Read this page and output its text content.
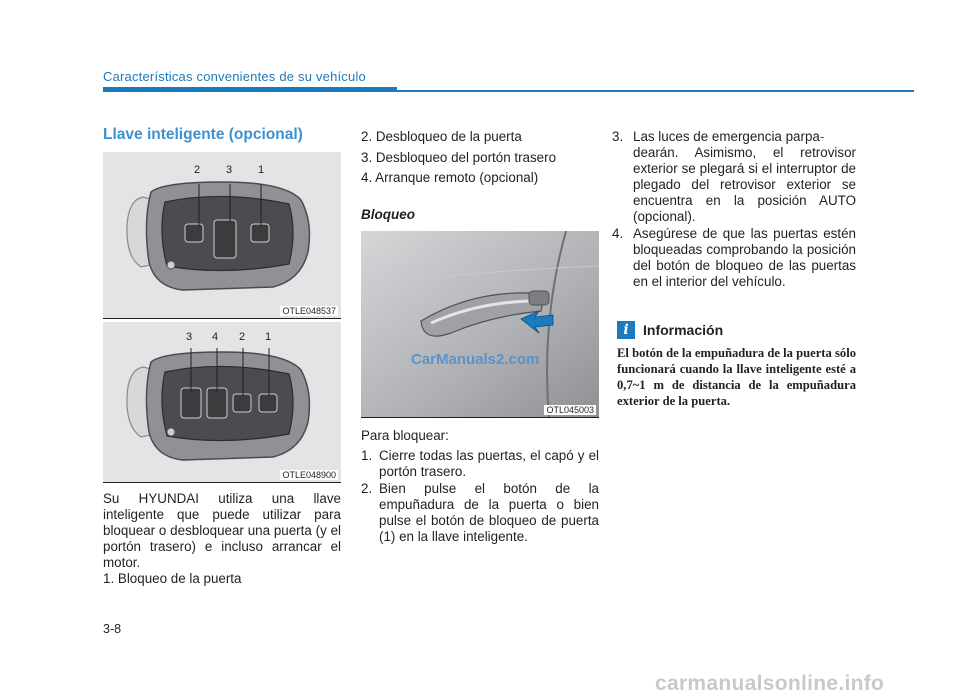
Características convenientes de su vehículo
Llave inteligente (opcional)
2 3 1
OTLE048537
3 4 2 1
OTLE048900

Su HYUNDAI utiliza una llave inteligente que puede utilizar para bloquear o desbloquear una puerta (y el portón trasero) e incluso arrancar el motor.

1. Bloqueo de la puerta
2. Desbloqueo de la puerta
3. Desbloqueo del portón trasero
4. Arranque remoto (opcional)
Bloqueo
CarManuals2.com
OTL045003
Para bloquear:
1. Cierre todas las puertas, el capó y el portón trasero.
2. Bien pulse el botón de la empuñadura de la puerta o bien pulse el botón de bloqueo de puerta (1) en la llave inteligente.
3. Las luces de emergencia parpa-
dearán. Asimismo, el retrovisor exterior se plegará si el interruptor de plegado del retrovisor exterior se encuentra en la posición AUTO (opcional).
4. Asegúrese de que las puertas estén bloqueadas comprobando la posición del botón de bloqueo de las puertas en el interior del vehículo.
i	Información
El botón de la empuñadura de la puerta sólo funcionará cuando la llave inteligente esté a 0,7~1 m de distancia de la empuñadura exterior de la puerta.
3-8
carmanualsonline.info
